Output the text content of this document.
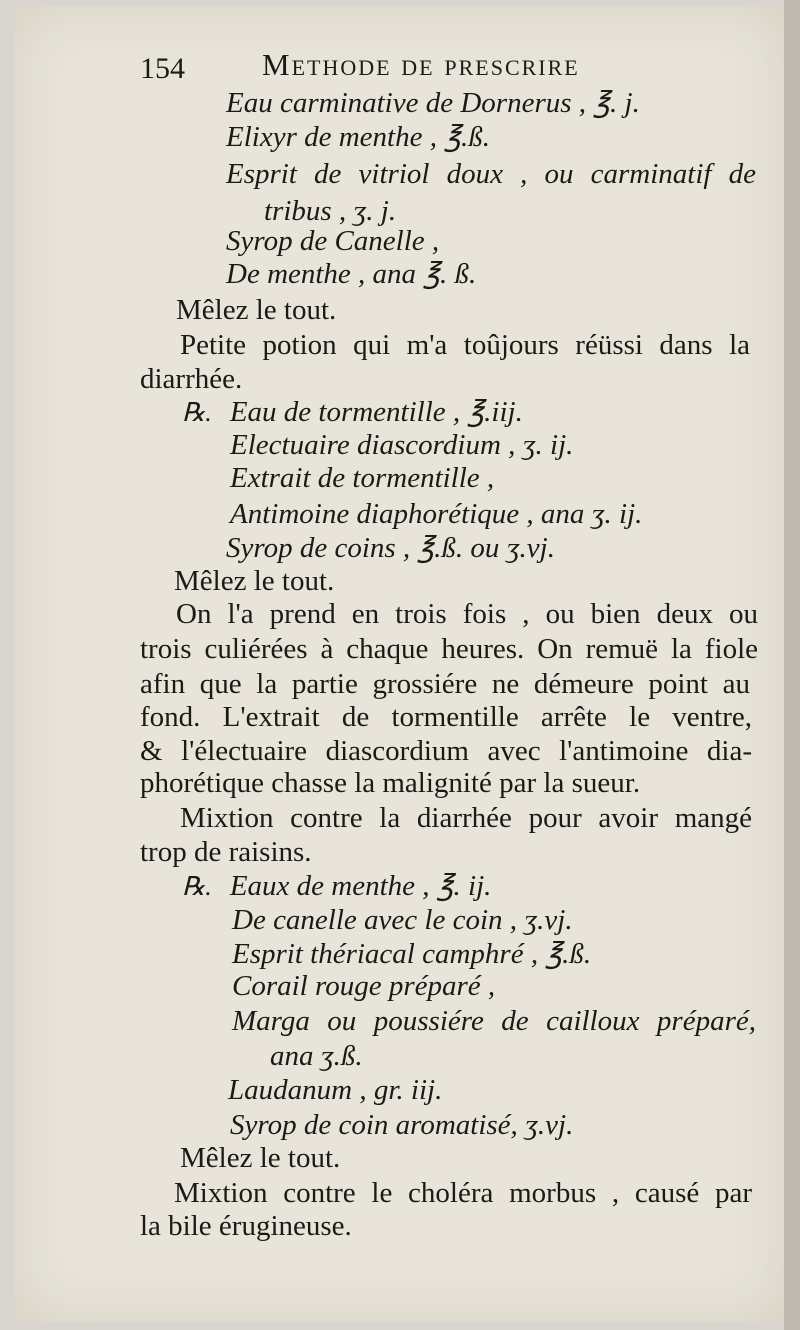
154 Methode de prescrire
Eau carminative de Dornerus , ℥. j.
Elixyr de menthe , ℥.ß.
Esprit de vitriol doux , ou carminatif de
tribus , ʒ. j.
Syrop de Canelle ,
De menthe , ana ℥. ß.
Mêlez le tout.
Petite potion qui m'a toûjours réüssi dans la
diarrhée.
℞. Eau de tormentille , ℥.iij.
Electuaire diascordium , ʒ. ij.
Extrait de tormentille ,
Antimoine diaphorétique , ana ʒ. ij.
Syrop de coins , ℥.ß. ou ʒ.vj.
Mêlez le tout.
On l'a prend en trois fois , ou bien deux ou
trois culiérées à chaque heures. On remuë la fiole
afin que la partie grossiére ne démeure point au
fond. L'extrait de tormentille arrête le ventre,
& l'électuaire diascordium avec l'antimoine dia-
phorétique chasse la malignité par la sueur.
Mixtion contre la diarrhée pour avoir mangé
trop de raisins.
℞. Eaux de menthe , ℥. ij.
De canelle avec le coin , ʒ.vj.
Esprit thériacal camphré , ℥.ß.
Corail rouge préparé ,
Marga ou poussiére de cailloux préparé,
ana ʒ.ß.
Laudanum , gr. iij.
Syrop de coin aromatisé, ʒ.vj.
Mêlez le tout.
Mixtion contre le choléra morbus , causé par
la bile érugineuse.
